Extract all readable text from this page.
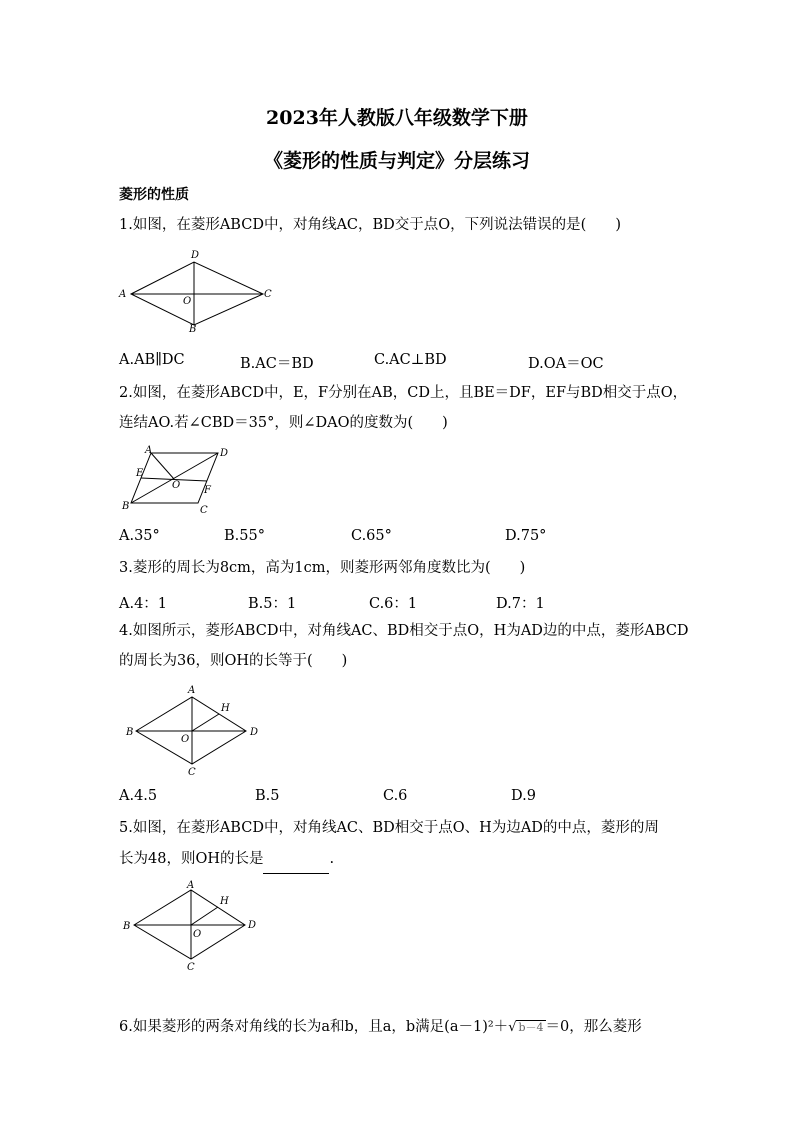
2023年人教版八年级数学下册
《菱形的性质与判定》分层练习
菱形的性质
1.如图，在菱形ABCD中，对角线AC，BD交于点O，下列说法错误的是(　　)
D
A	C
O
B
A.AB∥DC	B.AC＝BD	C.AC⊥BD	D.OA＝OC
2.如图，在菱形ABCD中，E，F分别在AB，CD上，且BE＝DF，EF与BD相交于点O，
连结AO.若∠CBD＝35°，则∠DAO的度数为(　　)
A	D
E
O F
B	C
A.35°	B.55°	C.65°	D.75°
3.菱形的周长为8cm，高为1cm，则菱形两邻角度数比为(　　)
A.4：1	B.5：1	C.6：1	D.7：1
4.如图所示，菱形ABCD中，对角线AC、BD相交于点O，H为AD边的中点，菱形ABCD
的周长为36，则OH的长等于(　　)
A
H
B	D
O
C
A.4.5	B.5	C.6	D.9
5.如图，在菱形ABCD中，对角线AC、BD相交于点O、H为边AD的中点，菱形的周
长为48，则OH的长是	.
A
H
B	D
O
C
6.如果菱形的两条对角线的长为a和b，且a，b满足(a－1)²＋√ b－4 ＝0，那么菱形
